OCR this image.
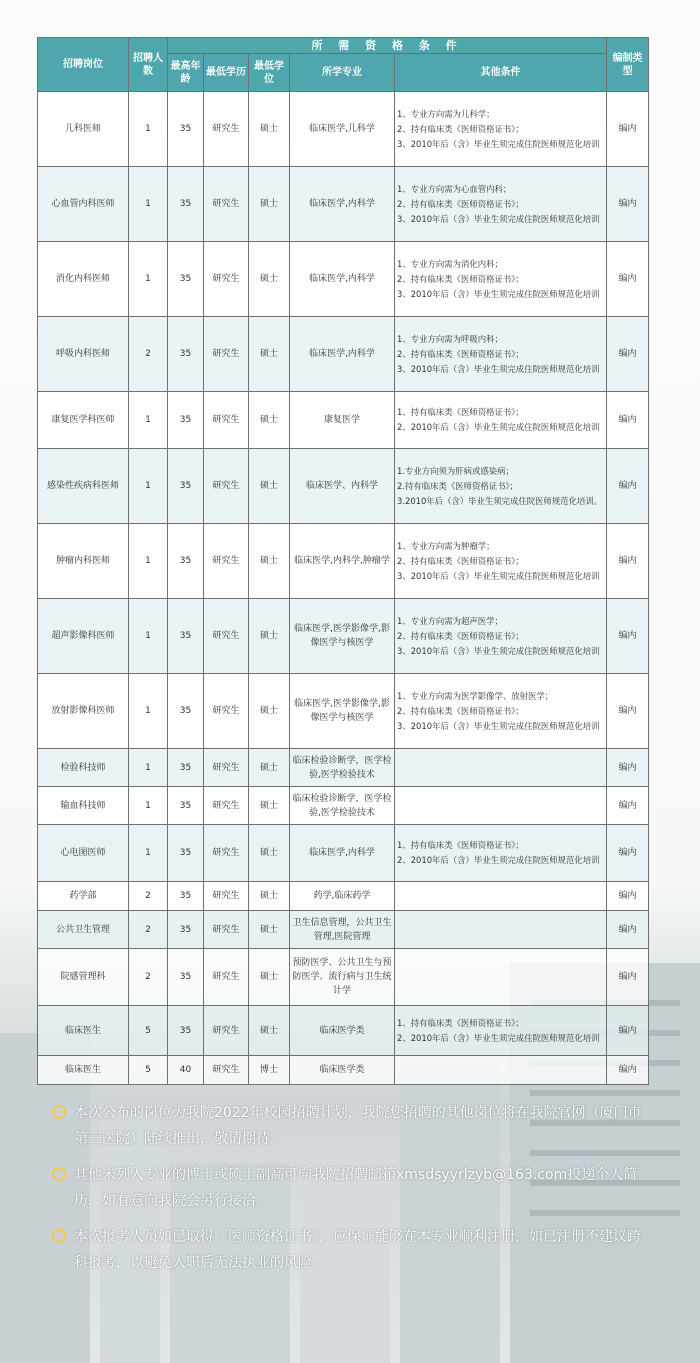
招聘岗位	招聘人数	所 需 资 格 条 件					编制类型
		最高年龄	最低学历	最低学位	所学专业	其他条件	
儿科医师	1	35	研究生	硕士	临床医学,儿科学	1、专业方向需为儿科学；
2、持有临床类《医师资格证书》；
3、2010年后（含）毕业生须完成住院医师规范化培训	编内
心血管内科医师	1	35	研究生	硕士	临床医学,内科学	1、专业方向需为心血管内科；
2、持有临床类《医师资格证书》；
3、2010年后（含）毕业生须完成住院医师规范化培训	编内
消化内科医师	1	35	研究生	硕士	临床医学,内科学	1、专业方向需为消化内科；
2、持有临床类《医师资格证书》；
3、2010年后（含）毕业生须完成住院医师规范化培训	编内
呼吸内科医师	2	35	研究生	硕士	临床医学,内科学	1、专业方向需为呼吸内科；
2、持有临床类《医师资格证书》；
3、2010年后（含）毕业生须完成住院医师规范化培训	编内
康复医学科医师	1	35	研究生	硕士	康复医学	1、持有临床类《医师资格证书》；
2、2010年后（含）毕业生须完成住院医师规范化培训	编内
感染性疾病科医师	1	35	研究生	硕士	临床医学、内科学	1.专业方向须为肝病或感染病；
2.持有临床类《医师资格证书》；
3.2010年后（含）毕业生须完成住院医师规范化培训。	编内
肿瘤内科医师	1	35	研究生	硕士	临床医学,内科学,肿瘤学	1、专业方向需为肿瘤学；
2、持有临床类《医师资格证书》；
3、2010年后（含）毕业生须完成住院医师规范化培训	编内
超声影像科医师	1	35	研究生	硕士	临床医学,医学影像学,影像医学与核医学	1、专业方向需为超声医学；
2、持有临床类《医师资格证书》；
3、2010年后（含）毕业生须完成住院医师规范化培训	编内
放射影像科医师	1	35	研究生	硕士	临床医学,医学影像学,影像医学与核医学	1、专业方向需为医学影像学、放射医学；
2、持有临床类《医师资格证书》；
3、2010年后（含）毕业生须完成住院医师规范化培训	编内
检验科技师	1	35	研究生	硕士	临床检验诊断学，医学检验,医学检验技术		编内
输血科技师	1	35	研究生	硕士	临床检验诊断学，医学检验,医学检验技术		编内
心电图医师	1	35	研究生	硕士	临床医学,内科学	1、持有临床类《医师资格证书》；
2、2010年后（含）毕业生须完成住院医师规范化培训	编内
药学部	2	35	研究生	硕士	药学,临床药学		编内
公共卫生管理	2	35	研究生	硕士	卫生信息管理，公共卫生管理,医院管理		编内
院感管理科	2	35	研究生	硕士	预防医学、公共卫生与预防医学、流行病与卫生统计学		编内
临床医生	5	35	研究生	硕士	临床医学类	1、持有临床类《医师资格证书》；
2、2010年后（含）毕业生须完成住院医师规范化培训	编内
临床医生	5	40	研究生	博士	临床医学类		编内
› 本次公布的岗位为我院2022年校园招聘计划，我院您招聘的其他岗位将在我院官网（厦门市第三医院）陆续推出，敬请期待。
› 其他未列入专业的博士或硕士副高可向我院招聘邮箱xmsdsyyrlzyb@163.com投递个人简历，如有意向我院会另行接洽。
› 本次报考人员如已取得《医师资格证书》，应保证能够在本专业顺利注册，如已注册不建议跨科报考，以避免入职后无法执业的风险。
